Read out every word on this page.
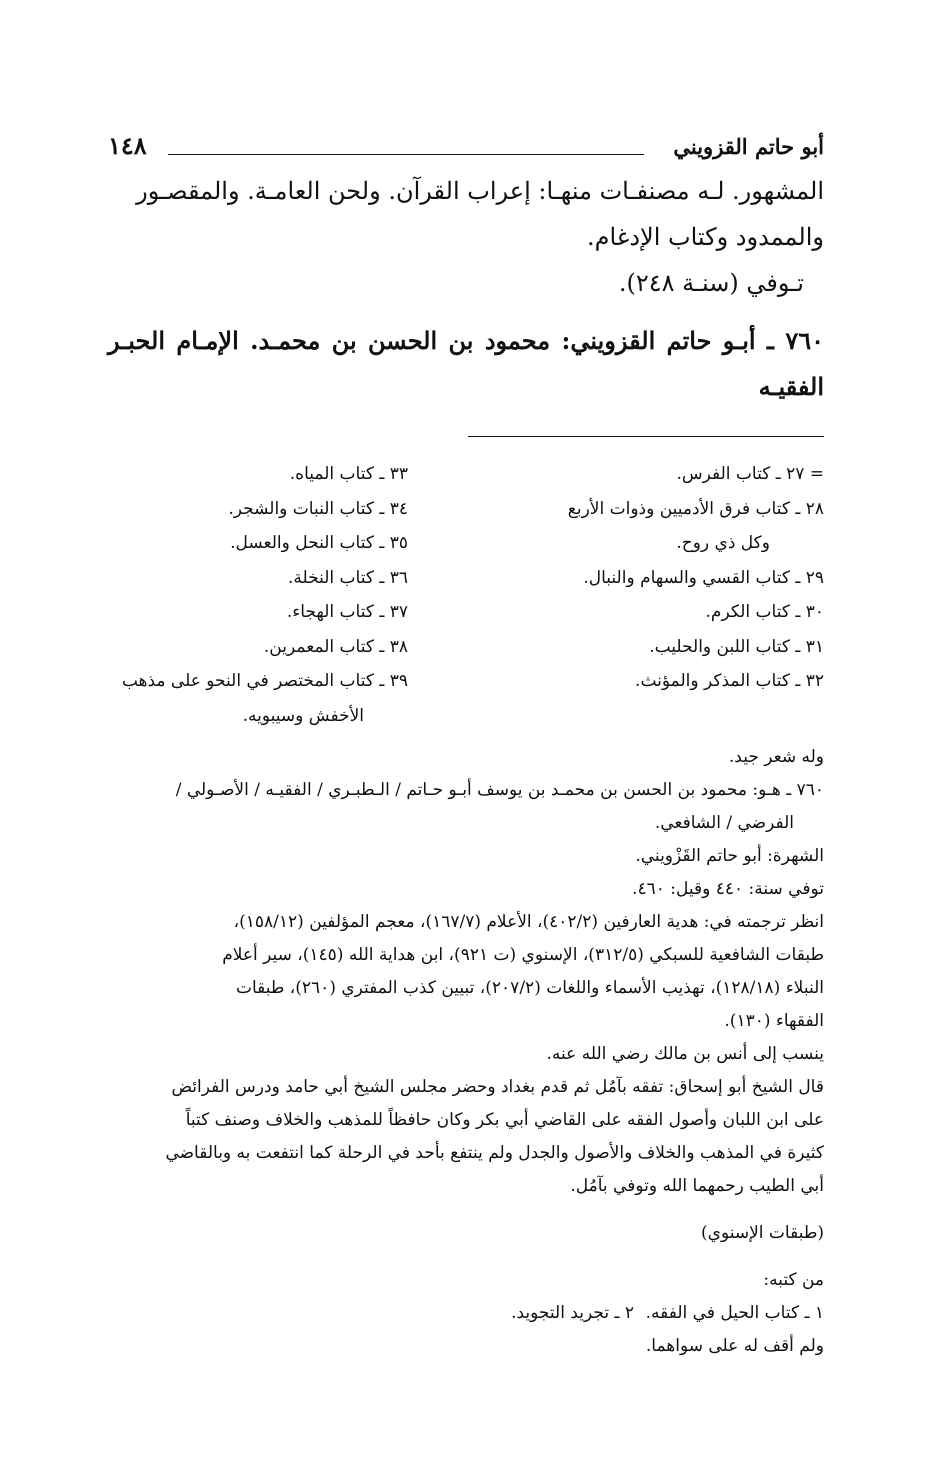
أبو حاتم القزويني
١٤٨

المشهور. لـه مصنفـات منهـا: إعراب القرآن. ولحن العامـة. والمقصـور

والممدود وكتاب الإدغام.

تـوفي (سنـة ٢٤٨).

٧٦٠ ـ أبـو حاتم القزويني: محمود بن الحسن بن محمـد. الإمـام الحبـر الفقيـه

= ٢٧ ـ كتاب الفرس.
٢٨ ـ كتاب فرق الأدميين وذوات الأربع
وكل ذي روح.
٢٩ ـ كتاب القسي والسهام والنبال.
٣٠ ـ كتاب الكرم.
٣١ ـ كتاب اللبن والحليب.
٣٢ ـ كتاب المذكر والمؤنث.
٣٣ ـ كتاب المياه.
٣٤ ـ كتاب النبات والشجر.
٣٥ ـ كتاب النحل والعسل.
٣٦ ـ كتاب النخلة.
٣٧ ـ كتاب الهجاء.
٣٨ ـ كتاب المعمرين.
٣٩ ـ كتاب المختصر في النحو على مذهب
الأخفش وسيبويه.

وله شعر جيد.

٧٦٠ ـ هـو: محمود بن الحسن بن محمـد بن يوسف أبـو حـاتم / الـطبـري / الفقيـه / الأصـولي /

الفرضي / الشافعي.

الشهرة: أبو حاتم القَزْويني.

توفي سنة: ٤٤٠ وقيل: ٤٦٠.

انظر ترجمته في: هدية العارفين (٤٠٢/٢)، الأعلام (١٦٧/٧)، معجم المؤلفين (١٥٨/١٢)،

طبقات الشافعية للسبكي (٣١٢/٥)، الإسنوي (ت ٩٢١)، ابن هداية الله (١٤٥)، سير أعلام

النبلاء (١٢٨/١٨)، تهذيب الأسماء واللغات (٢٠٧/٢)، تبيين كذب المفتري (٢٦٠)، طبقات

الفقهاء (١٣٠).

ينسب إلى أنس بن مالك رضي الله عنه.

قال الشيخ أبو إسحاق: تفقه بآمُل ثم قدم بغداد وحضر مجلس الشيخ أبي حامد ودرس الفرائض

على ابن اللبان وأصول الفقه على القاضي أبي بكر وكان حافظاً للمذهب والخلاف وصنف كتباً

كثيرة في المذهب والخلاف والأصول والجدل ولم ينتفع بأحد في الرحلة كما انتفعت به وبالقاضي

أبي الطيب رحمهما الله وتوفي بآمُل.

(طبقات الإسنوي)

من كتبه:

١ ـ كتاب الحيل في الفقه.
٢ ـ تجريد التجويد.

ولم أقف له على سواهما.
